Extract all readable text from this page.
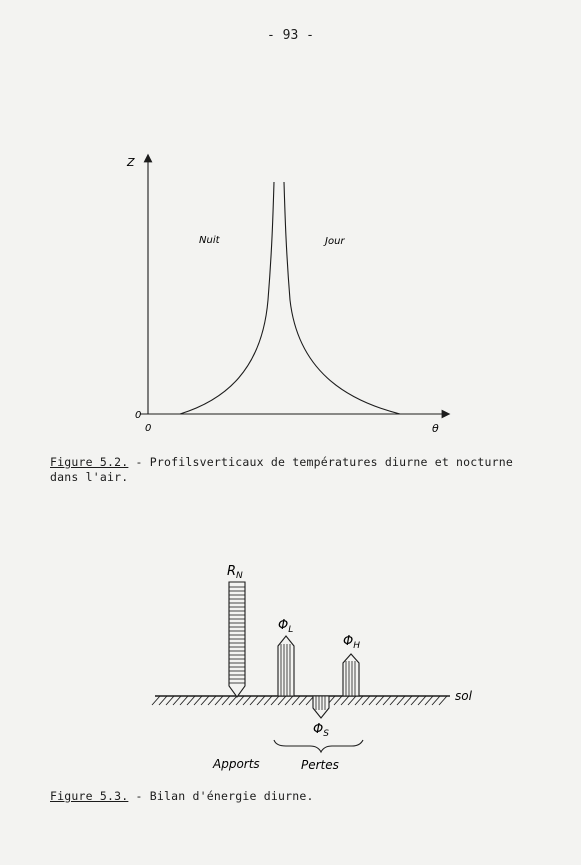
- 93 -
Z
0
0	θ
Nuit	Jour
$R_N$
$\Phi_L$
$\Phi_H$
$\Phi_S$
sol
Apports	Pertes
Figure 5.2. - Profilsverticaux de températures diurne et nocturne
dans l'air.
Figure 5.3. - Bilan d'énergie diurne.
